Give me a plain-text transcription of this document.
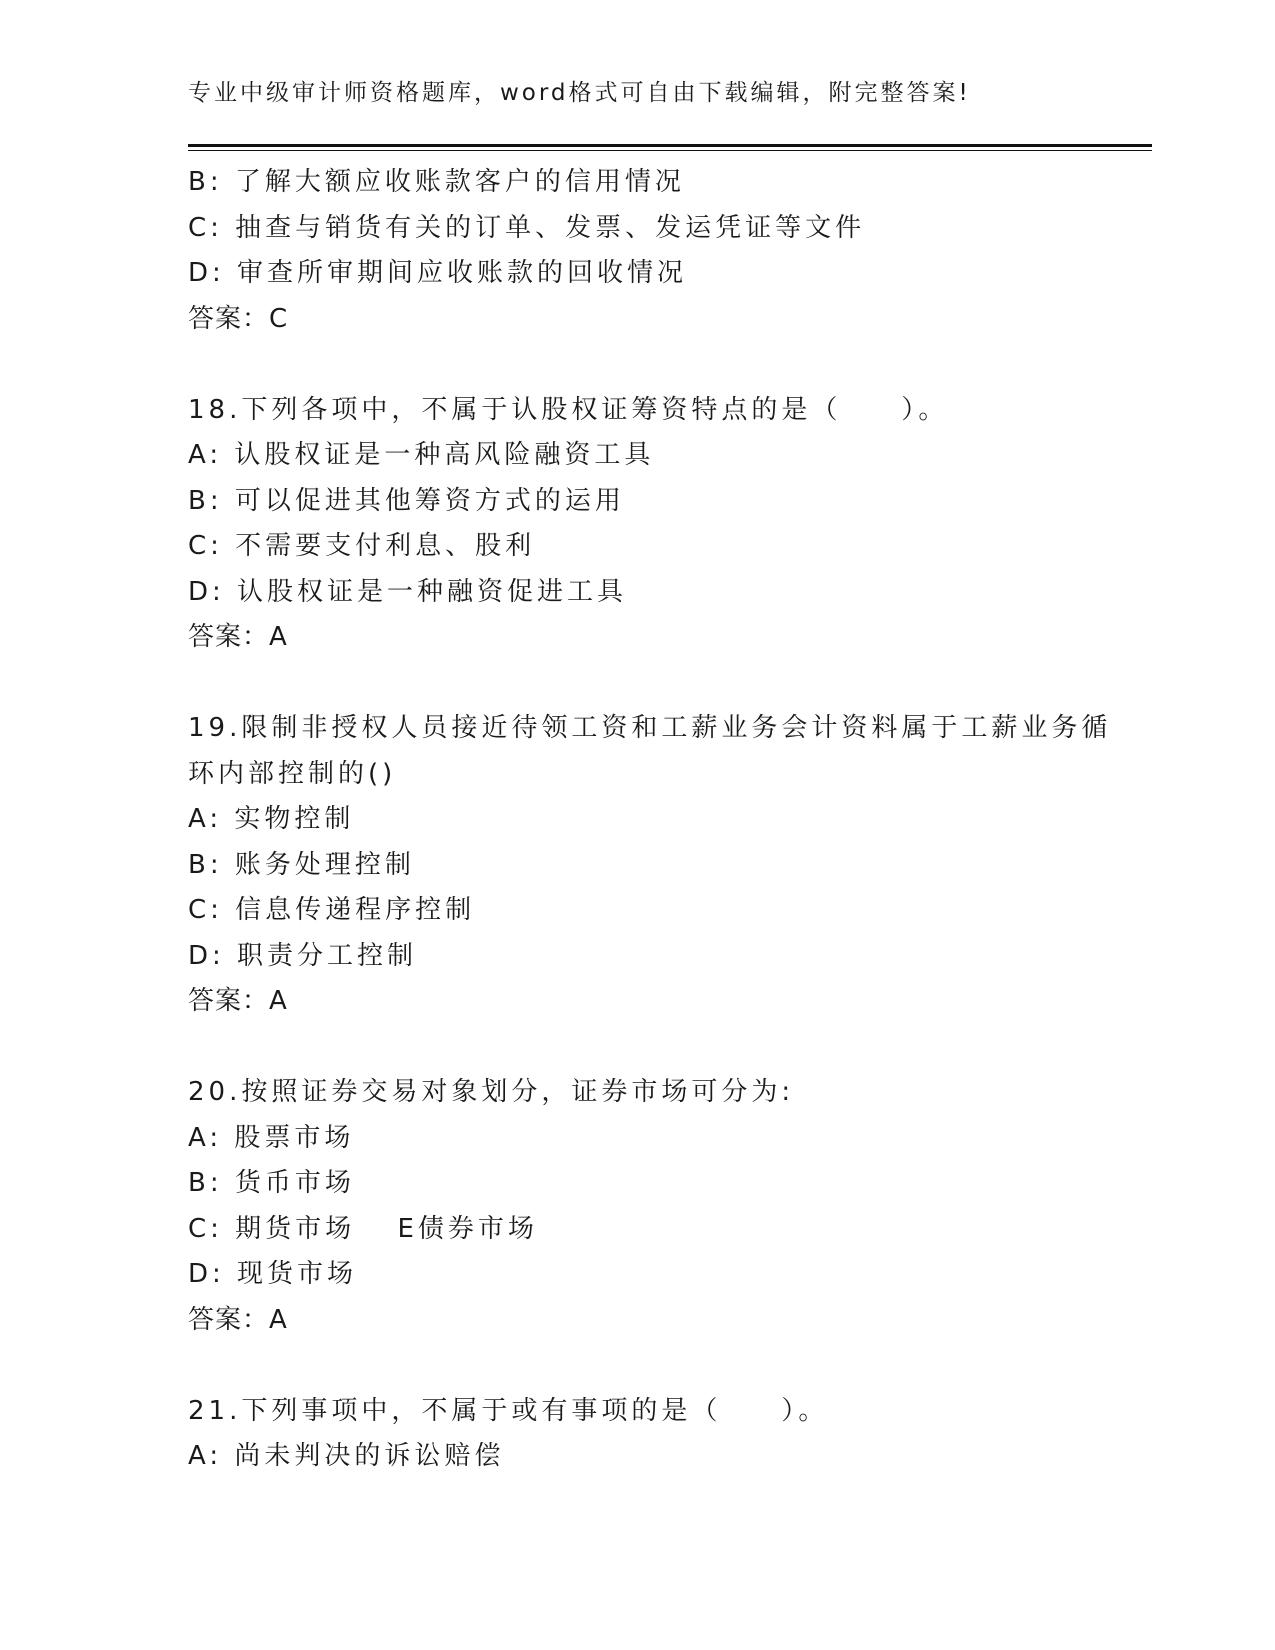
专业中级审计师资格题库，word格式可自由下载编辑，附完整答案!
B: 了解大额应收账款客户的信用情况
C: 抽查与销货有关的订单、发票、发运凭证等文件
D: 审查所审期间应收账款的回收情况
答案：C
18.下列各项中，不属于认股权证筹资特点的是（　　）。
A: 认股权证是一种高风险融资工具
B: 可以促进其他筹资方式的运用
C: 不需要支付利息、股利
D: 认股权证是一种融资促进工具
答案：A
19.限制非授权人员接近待领工资和工薪业务会计资料属于工薪业务循
环内部控制的()
A: 实物控制
B: 账务处理控制
C: 信息传递程序控制
D: 职责分工控制
答案：A
20.按照证券交易对象划分，证券市场可分为:
A: 股票市场
B: 货币市场
C: 期货市场　 E债券市场
D: 现货市场
答案：A
21.下列事项中，不属于或有事项的是（　　）。
A: 尚未判决的诉讼赔偿
